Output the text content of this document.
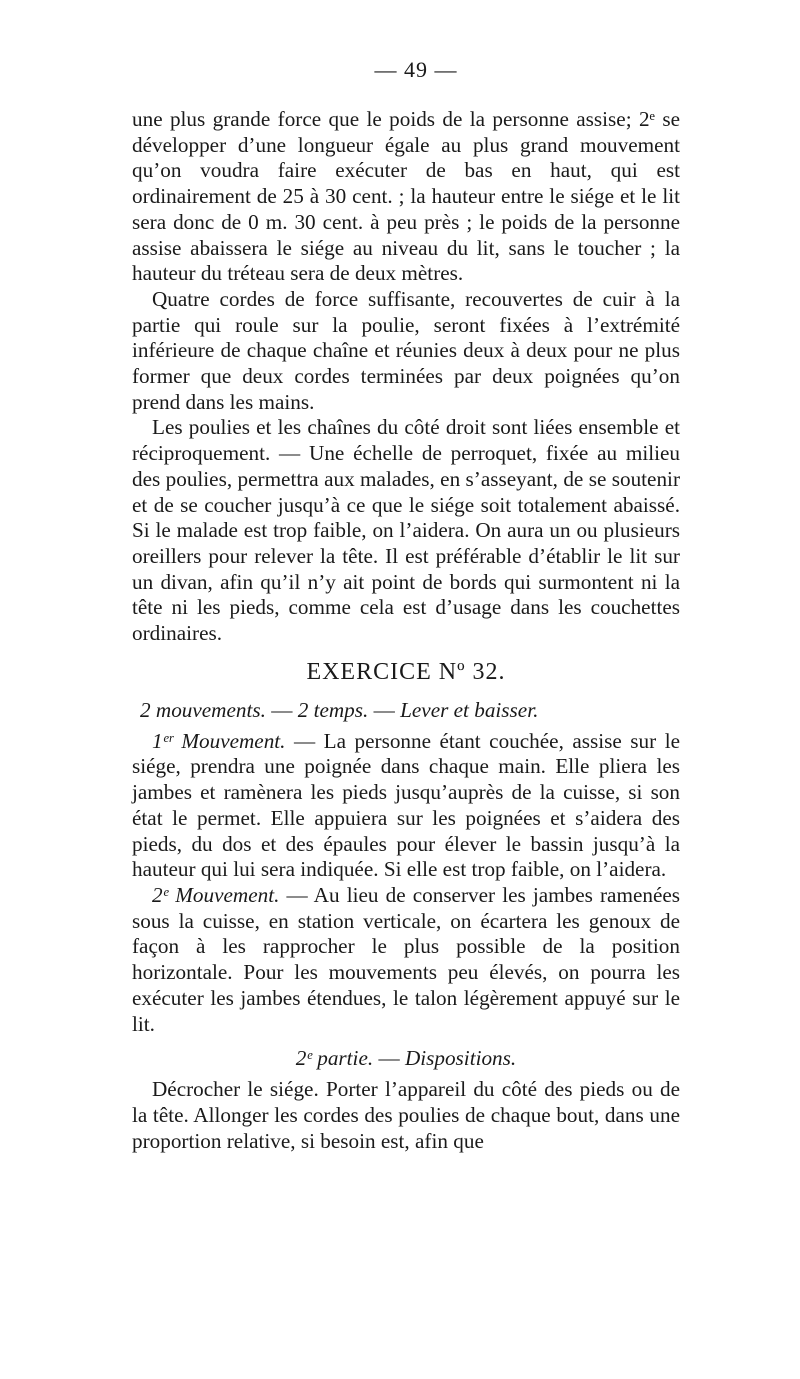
— 49 —

une plus grande force que le poids de la personne assise; 2ᵉ se développer d’une longueur égale au plus grand mouvement qu’on voudra faire exécuter de bas en haut, qui est ordinairement de 25 à 30 cent. ; la hauteur entre le siége et le lit sera donc de 0 m. 30 cent. à peu près ; le poids de la personne assise abaissera le siége au niveau du lit, sans le toucher ; la hauteur du tréteau sera de deux mètres.

Quatre cordes de force suffisante, recouvertes de cuir à la partie qui roule sur la poulie, seront fixées à l’extrémité inférieure de chaque chaîne et réunies deux à deux pour ne plus former que deux cordes terminées par deux poignées qu’on prend dans les mains.

Les poulies et les chaînes du côté droit sont liées ensemble et réciproquement. — Une échelle de perroquet, fixée au milieu des poulies, permettra aux malades, en s’asseyant, de se soutenir et de se coucher jusqu’à ce que le siége soit totalement abaissé. Si le malade est trop faible, on l’aidera. On aura un ou plusieurs oreillers pour relever la tête. Il est préférable d’établir le lit sur un divan, afin qu’il n’y ait point de bords qui surmontent ni la tête ni les pieds, comme cela est d’usage dans les couchettes ordinaires.

EXERCICE Nº 32.
2 mouvements. — 2 temps. — Lever et baisser.

1ᵉʳ Mouvement. — La personne étant couchée, assise sur le siége, prendra une poignée dans chaque main. Elle pliera les jambes et ramènera les pieds jusqu’auprès de la cuisse, si son état le permet. Elle appuiera sur les poignées et s’aidera des pieds, du dos et des épaules pour élever le bassin jusqu’à la hauteur qui lui sera indiquée. Si elle est trop faible, on l’aidera.

2ᵉ Mouvement. — Au lieu de conserver les jambes ramenées sous la cuisse, en station verticale, on écartera les genoux de façon à les rapprocher le plus possible de la position horizontale. Pour les mouvements peu élevés, on pourra les exécuter les jambes étendues, le talon légèrement appuyé sur le lit.

2ᵉ partie. — Dispositions.

Décrocher le siége. Porter l’appareil du côté des pieds ou de la tête. Allonger les cordes des poulies de chaque bout, dans une proportion relative, si besoin est, afin que
